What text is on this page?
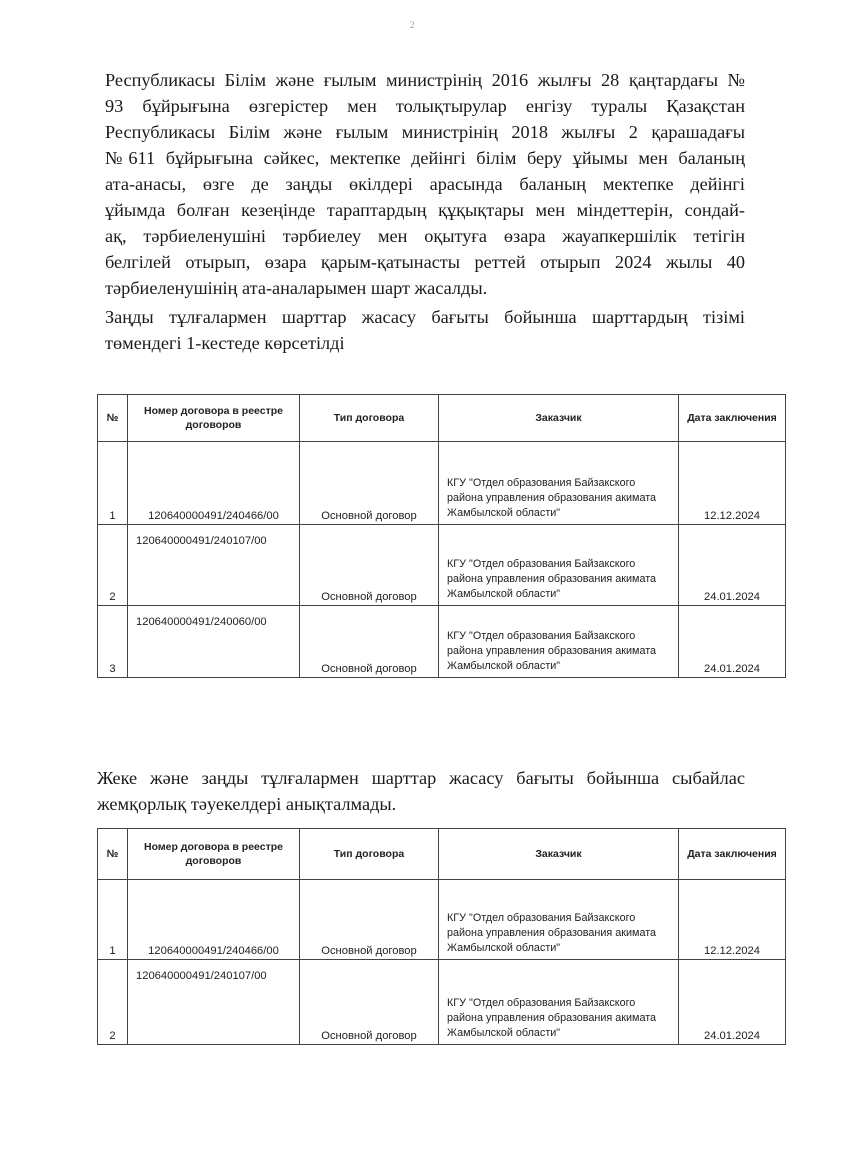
2
Республикасы Білім және ғылым министрінің 2016 жылғы 28 қаңтардағы №
93 бұйрығына өзгерістер мен толықтырулар енгізу туралы Қазақстан
Республикасы Білім және ғылым министрінің 2018 жылғы 2 қарашадағы
№611 бұйрығына сәйкес, мектепке дейінгі білім беру ұйымы мен баланың
ата-анасы, өзге де заңды өкілдері арасында баланың мектепке дейінгі
ұйымда болған кезеңінде тараптардың құқықтары мен міндеттерін, сондай-
ақ, тәрбиеленушіні тәрбиелеу мен оқытуға өзара жауапкершілік тетігін
белгілей отырып, өзара қарым-қатынасты реттей отырып 2024 жылы 40
тәрбиеленушінің ата-аналарымен шарт жасалды.
Заңды тұлғалармен шарттар жасасу бағыты бойынша шарттардың тізімі
төмендегі 1-кестеде көрсетілді
№	Номер договора в реестре договоров	Тип договора	Заказчик	Дата заключения
1	120640000491/240466/00	Основной договор	КГУ "Отдел образования Байзакского района управления образования акимата Жамбылской области"	12.12.2024
2	120640000491/240107/00	Основной договор	КГУ "Отдел образования Байзакского района управления образования акимата Жамбылской области"	24.01.2024
3	120640000491/240060/00	Основной договор	КГУ "Отдел образования Байзакского района управления образования акимата Жамбылской области"	24.01.2024
Жеке және заңды тұлғалармен шарттар жасасу бағыты бойынша сыбайлас
жемқорлық тәуекелдері анықталмады.
№	Номер договора в реестре договоров	Тип договора	Заказчик	Дата заключения
1	120640000491/240466/00	Основной договор	КГУ "Отдел образования Байзакского района управления образования акимата Жамбылской области"	12.12.2024
2	120640000491/240107/00	Основной договор	КГУ "Отдел образования Байзакского района управления образования акимата Жамбылской области"	24.01.2024
